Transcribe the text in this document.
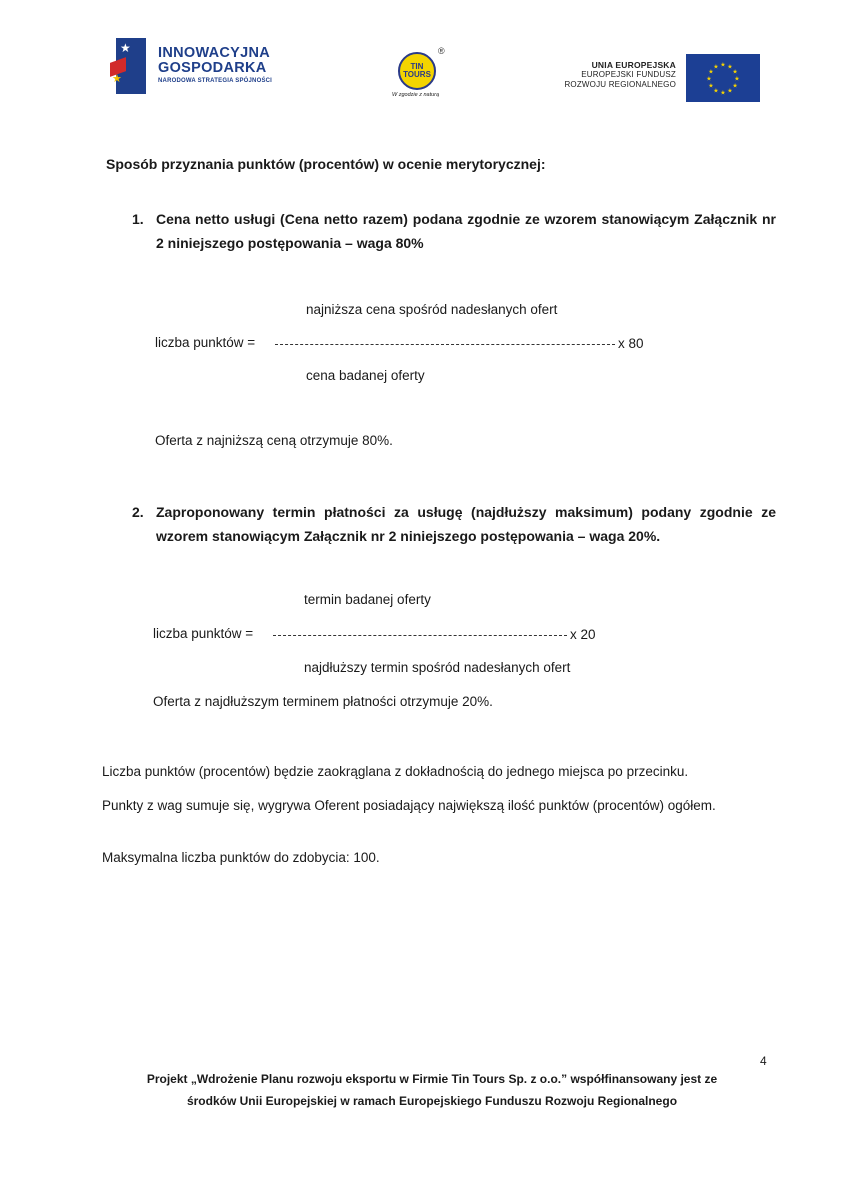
★
★
INNOWACYJNA
GOSPODARKA
NARODOWA STRATEGIA SPÓJNOŚCI
TIN
TOURS
®
W zgodzie z naturą
UNIA EUROPEJSKA
EUROPEJSKI FUNDUSZ
ROZWOJU REGIONALNEGO
★ ★
★
★
★
★
★
★
★
★
★
★
Sposób przyznania punktów (procentów) w ocenie merytorycznej:
1. Cena netto usługi (Cena netto razem) podana zgodnie ze wzorem stanowiącym Załącznik nr 2 niniejszego postępowania – waga 80%
najniższa cena spośród nadesłanych ofert
liczba punktów =	x 80
cena badanej oferty
Oferta z najniższą ceną otrzymuje 80%.
2. Zaproponowany termin płatności za usługę (najdłuższy maksimum) podany zgodnie ze wzorem stanowiącym Załącznik nr 2 niniejszego postępowania – waga 20%.
termin badanej oferty
liczba punktów =	x 20
najdłuższy termin spośród nadesłanych ofert
Oferta z najdłuższym terminem płatności otrzymuje 20%.
Liczba punktów (procentów) będzie zaokrąglana z dokładnością do jednego miejsca po przecinku.
Punkty z wag sumuje się, wygrywa Oferent posiadający największą ilość punktów (procentów) ogółem.
Maksymalna liczba punktów do zdobycia: 100.
4
Projekt „Wdrożenie Planu rozwoju eksportu w Firmie Tin Tours Sp. z o.o.” współfinansowany jest ze
środków Unii Europejskiej w ramach Europejskiego Funduszu Rozwoju Regionalnego
